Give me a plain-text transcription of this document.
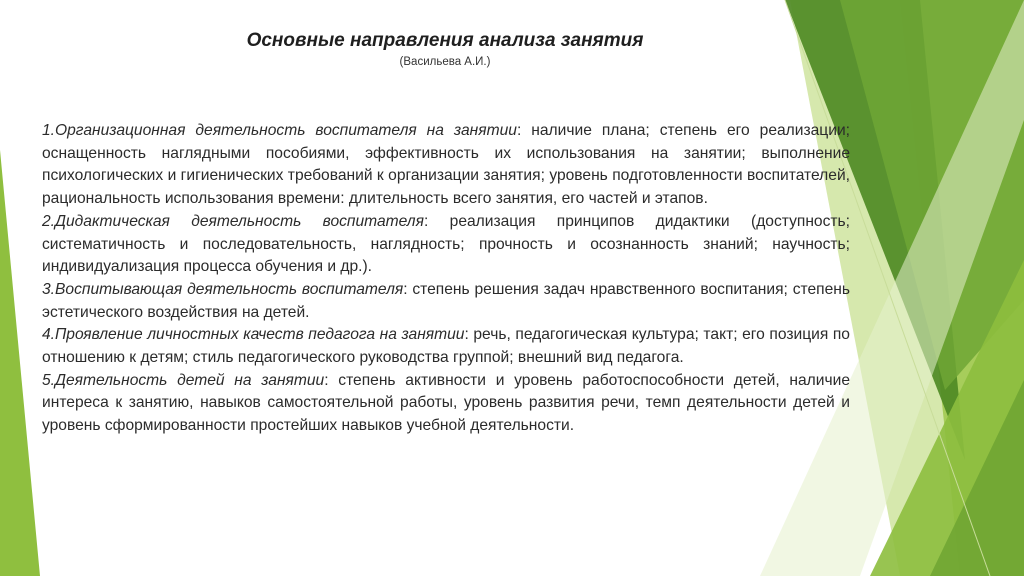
Основные направления анализа занятия
(Васильева А.И.)

1.Организационная деятельность воспитателя на занятии: наличие плана; степень его реализации; оснащенность наглядными пособиями, эффективность их использования на занятии; выполнение психологических и гигиенических требований к организации занятия; уровень подготовленности воспитателей, рациональность использования времени: длительность всего занятия, его частей и этапов.

2.Дидактическая деятельность воспитателя: реализация принципов дидактики (доступность; систематичность и последовательность, наглядность; прочность и осознанность знаний; научность; индивидуализация процесса обучения и др.).

3.Воспитывающая деятельность воспитателя: степень решения задач нравственного воспитания; степень эстетического воздействия на детей.

4.Проявление личностных качеств педагога на занятии: речь, педагогическая культура; такт; его позиция по отношению к детям; стиль педагогического руководства группой; внешний вид педагога.

5.Деятельность детей на занятии: степень активности и уровень работоспособности детей, наличие интереса к занятию, навыков самостоятельной работы, уровень развития речи, темп деятельности детей и уровень сформированности простейших навыков учебной деятельности.
